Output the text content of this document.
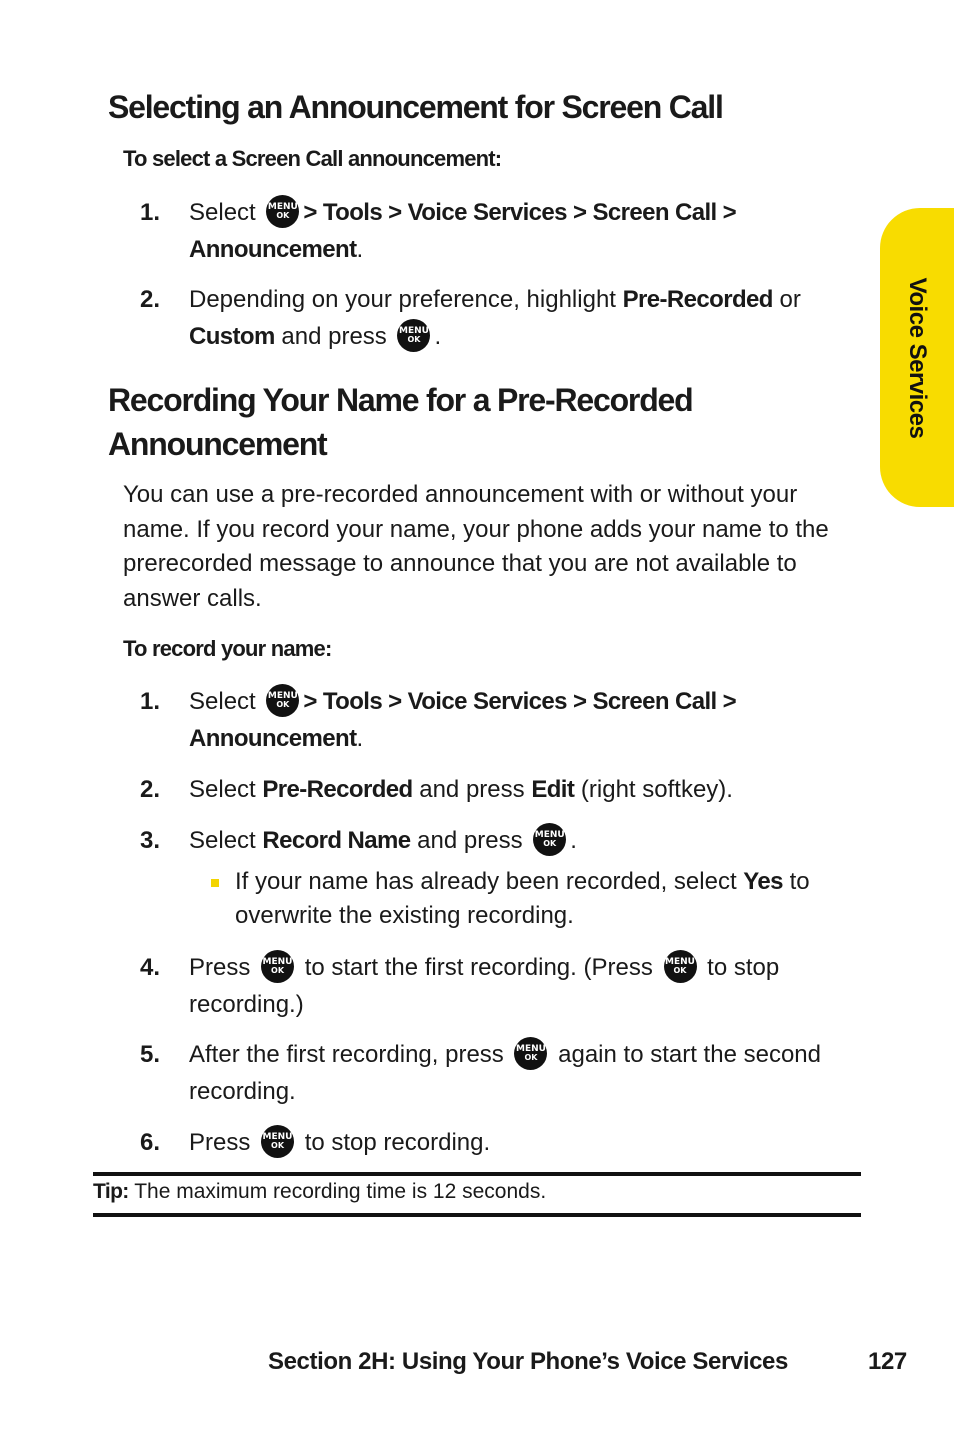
Voice Services
Selecting an Announcement for Screen Call

To select a Screen Call announcement:

1. Select MENU
OK > Tools > Voice Services > Screen Call > Announcement.
2. Depending on your preference, highlight Pre-Recorded or Custom and press MENU
OK .
Recording Your Name for a Pre-Recorded Announcement

You can use a pre-recorded announcement with or without your name. If you record your name, your phone adds your name to the prerecorded message to announce that you are not available to answer calls.

To record your name:

1. Select MENU
OK > Tools > Voice Services > Screen Call > Announcement.
2. Select Pre-Recorded and press Edit (right softkey).
3. Select Record Name and press MENU
OK .
If your name has already been recorded, select Yes to overwrite the existing recording.
4. Press MENU
OK to start the first recording. (Press MENU
OK to stop recording.)
5. After the first recording, press MENU
OK again to start the second recording.
6. Press MENU
OK to stop recording.
Tip: The maximum recording time is 12 seconds.
Section 2H: Using Your Phone’s Voice Services	127
